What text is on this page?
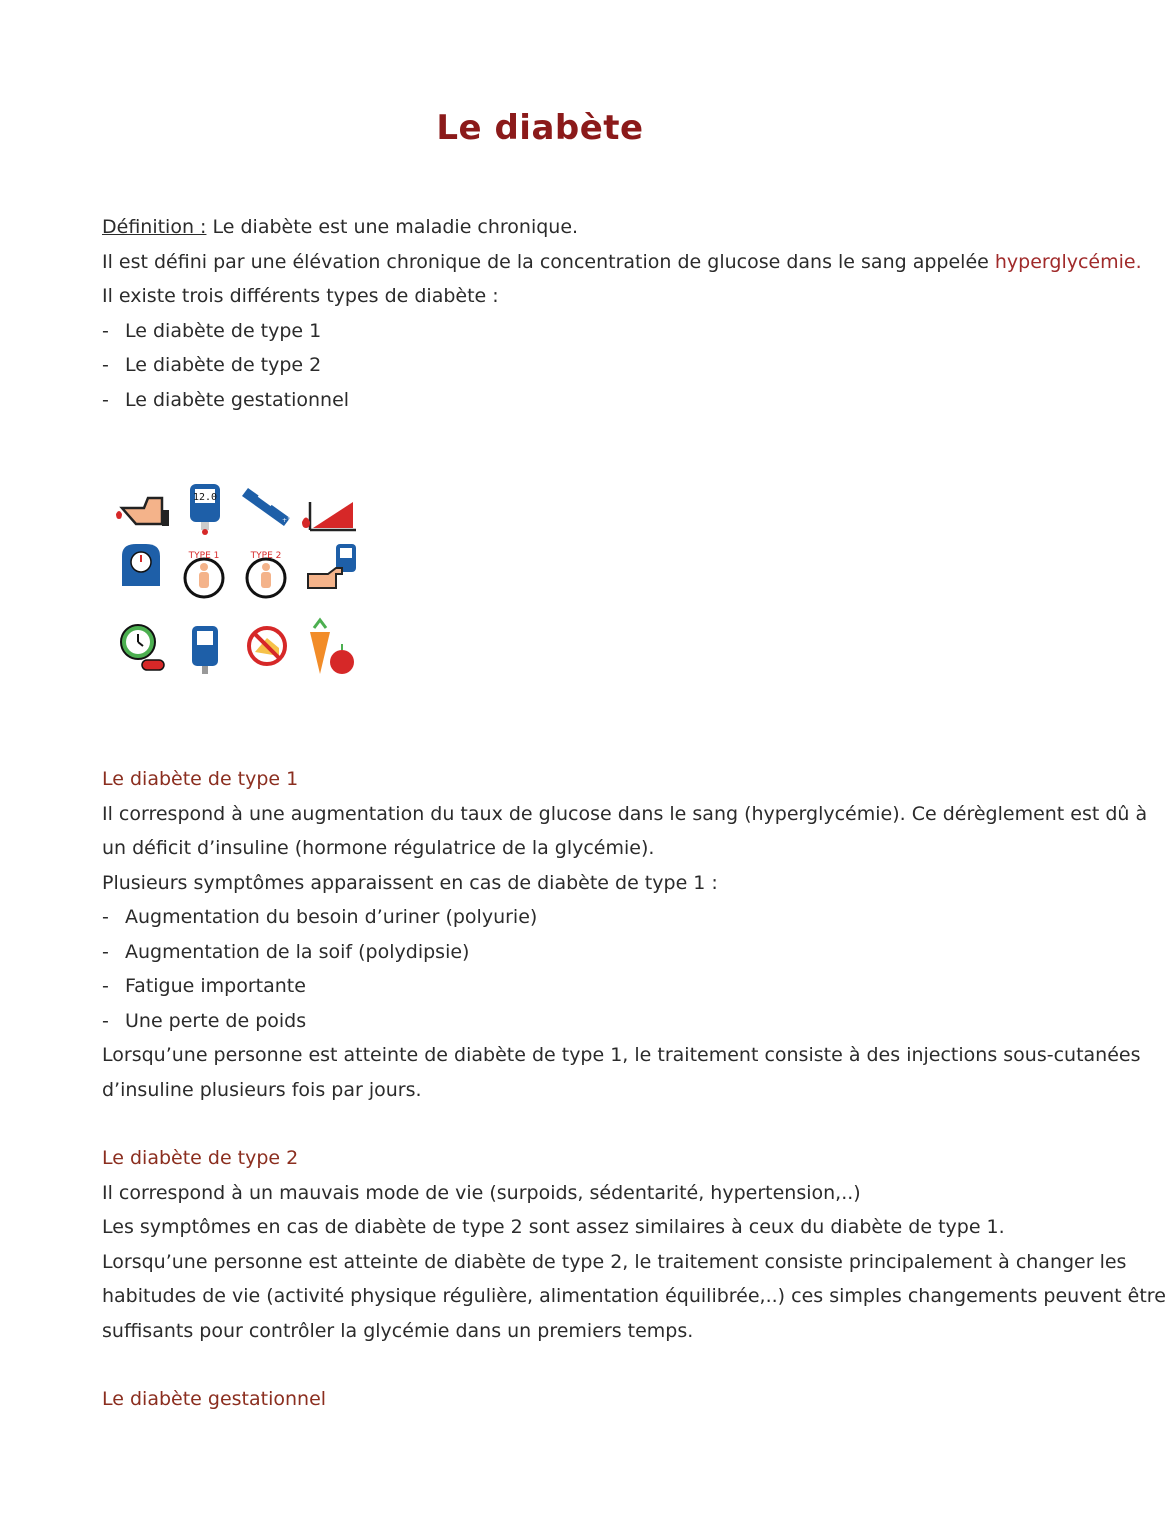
Le diabète
Définition : Le diabète est une maladie chronique.
Il est défini par une élévation chronique de la concentration de glucose dans le sang appelée hyperglycémie.
Il existe trois différents types de diabète :
- Le diabète de type 1
- Le diabète de type 2
- Le diabète gestationnel
12.0
+13
TYPE 1	TYPE 2
Le diabète de type 1
Il correspond à une augmentation du taux de glucose dans le sang (hyperglycémie). Ce dérèglement est dû à
un déficit d’insuline (hormone régulatrice de la glycémie).
Plusieurs symptômes apparaissent en cas de diabète de type 1 :
- Augmentation du besoin d’uriner (polyurie)
- Augmentation de la soif (polydipsie)
- Fatigue importante
- Une perte de poids
Lorsqu’une personne est atteinte de diabète de type 1, le traitement consiste à des injections sous-cutanées
d’insuline plusieurs fois par jours.
Le diabète de type 2
Il correspond à un mauvais mode de vie (surpoids, sédentarité, hypertension,..)
Les symptômes en cas de diabète de type 2 sont assez similaires à ceux du diabète de type 1.
Lorsqu’une personne est atteinte de diabète de type 2, le traitement consiste principalement à changer les
habitudes de vie (activité physique régulière, alimentation équilibrée,..) ces simples changements peuvent être
suffisants pour contrôler la glycémie dans un premiers temps.
Le diabète gestationnel
